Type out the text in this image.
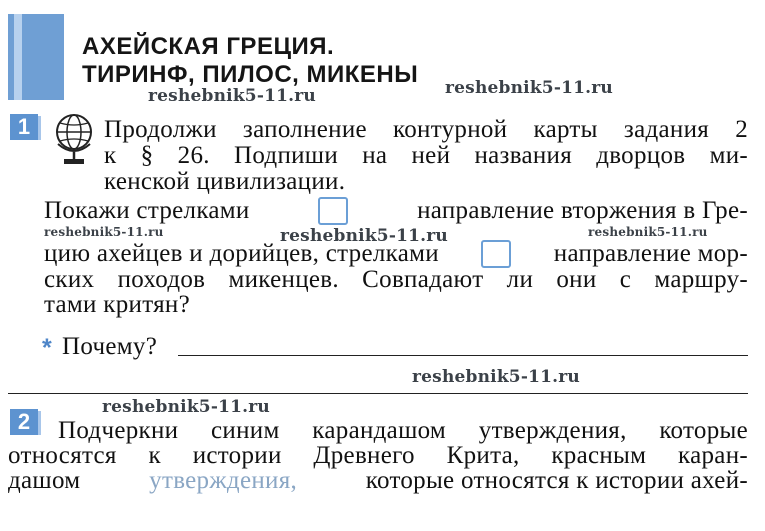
АХЕЙСКАЯ ГРЕЦИЯ.
ТИРИНФ, ПИЛОС, МИКЕНЫ
reshebnik5-11.ru	reshebnik5-11.ru
reshebnik5-11.ru	reshebnik5-11.ru	reshebnik5-11.ru
reshebnik5-11.ru
reshebnik5-11.ru
1	Продолжи заполнение контурной карты задания 2
к § 26. Подпиши на ней названия дворцов ми-
кенской цивилизации.
Покажи стрелками	направление вторжения в Гре-
цию ахейцев и дорийцев, стрелками	направление мор-
ских походов микенцев. Совпадают ли они с маршру-
тами критян?
* Почему?
2	Подчеркни синим карандашом утверждения, которые
относятся к истории Древнего Крита, красным каран-
дашом	утверждения,	которые относятся к истории ахей-
